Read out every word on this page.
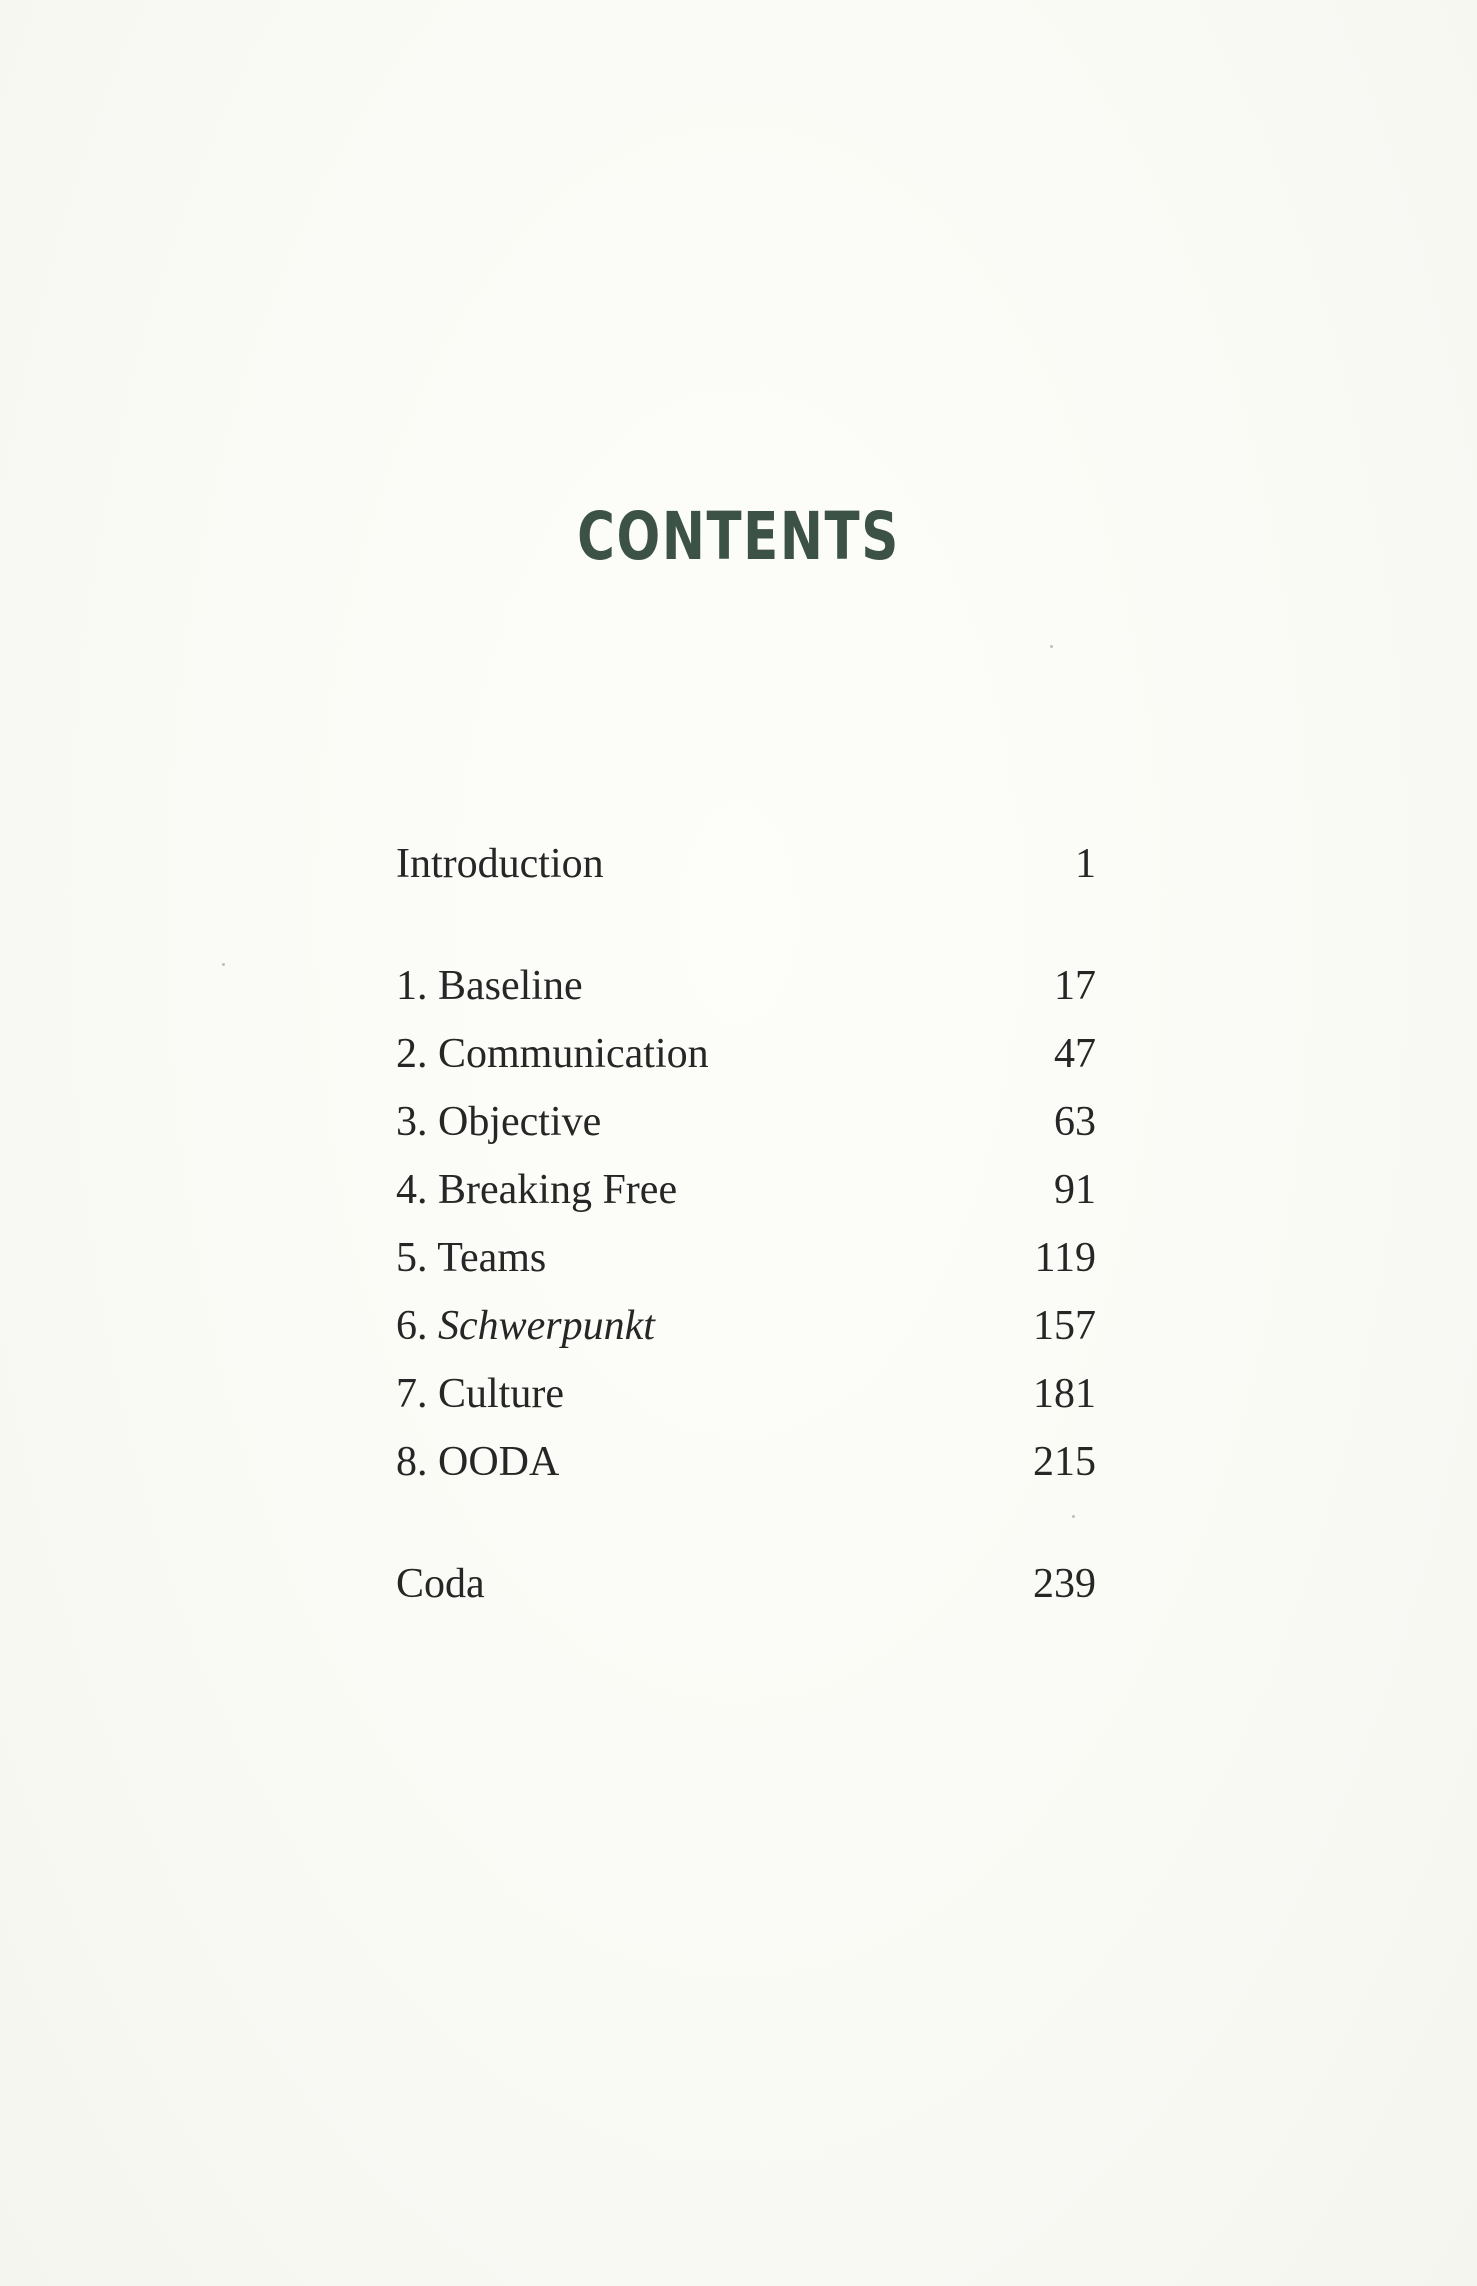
CONTENTS
Introduction	1
1. Baseline	17
2. Communication	47
3. Objective	63
4. Breaking Free	91
5. Teams	119
6. Schwerpunkt	157
7. Culture	181
8. OODA	215
Coda	239
